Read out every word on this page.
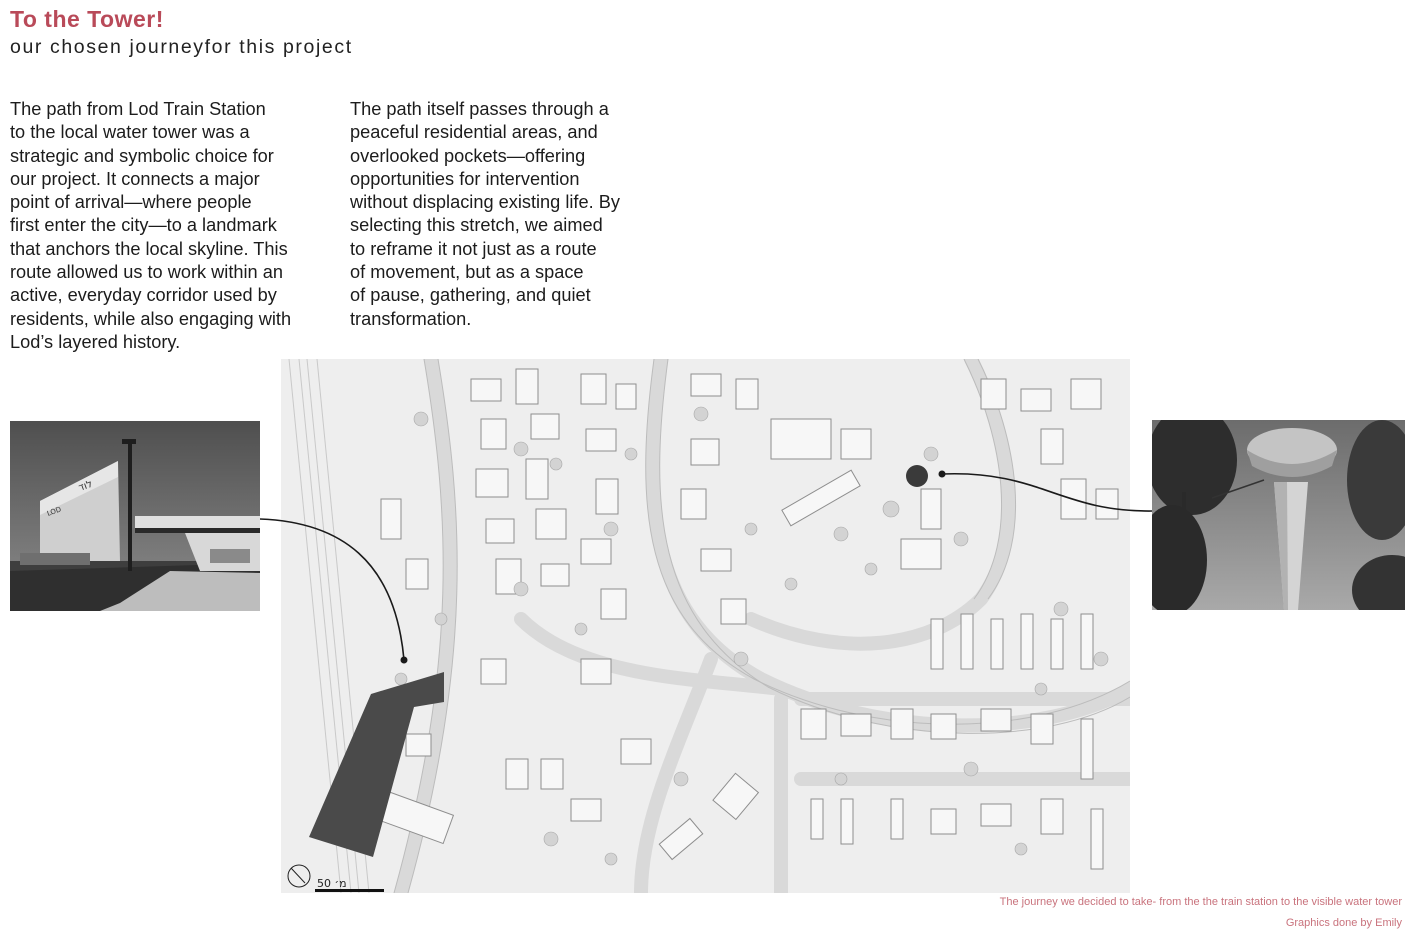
To the Tower!
our chosen journeyfor this project
The path from Lod Train Station
to the local water tower was a
strategic and symbolic choice for
our project. It connects a major
point of arrival—where people
first enter the city—to a landmark
that anchors the local skyline. This
route allowed us to work within an
active, everyday corridor used by
residents, while also engaging with
Lod’s layered history.
The path itself passes through a
peaceful residential areas, and
overlooked pockets—offering
opportunities for intervention
without displacing existing life. By
selecting this stretch, we aimed
to reframe it not just as a route
of movement, but as a space
of pause, gathering, and quiet
transformation.
לוד
LOD
50 מ׳
The journey we decided to take- from the the train station to the visible water tower
Graphics done by Emily
